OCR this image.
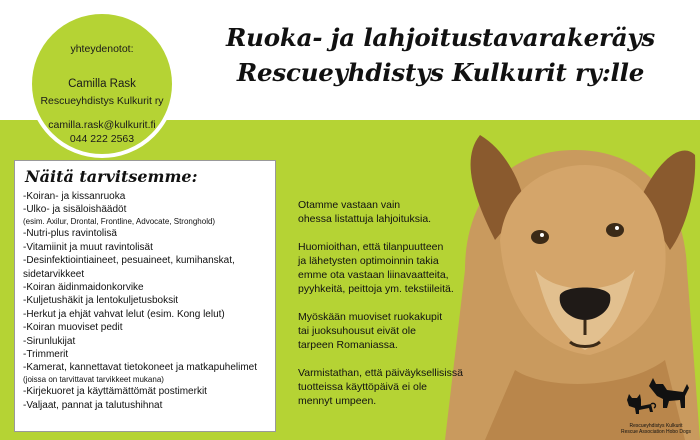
yhteydenotot:
Camilla Rask
Rescueyhdistys Kulkurit ry
camilla.rask@kulkurit.fi
044 222 2563
Ruoka- ja lahjoitustavarakeräys
Rescueyhdistys Kulkurit ry:lle
Näitä tarvitsemme:
-Koiran- ja kissanruoka
-Ulko- ja sisäloishäädöt
(esim. Axilur, Drontal, Frontline, Advocate, Stronghold)
-Nutri-plus ravintolisä
-Vitamiinit ja muut ravintolisät
-Desinfektiointiaineet, pesuaineet, kumihanskat,
sidetarvikkeet
-Koiran äidinmaidonkorvike
-Kuljetushäkit ja lentokuljetusboksit
-Herkut ja ehjät vahvat lelut (esim. Kong lelut)
-Koiran muoviset pedit
-Sirunlukijat
-Trimmerit
-Kamerat, kannettavat tietokoneet ja matkapuhelimet
(joissa on tarvittavat tarvikkeet mukana)
-Kirjekuoret ja käyttämättömät postimerkit
-Valjaat, pannat ja talutushihnat

Otamme vastaan vain
ohessa listattuja lahjoituksia.

Huomioithan, että tilanpuutteen
ja lähetysten optimoinnin takia
emme ota vastaan liinavaatteita,
pyyhkeitä, peittoja ym. tekstiileitä.

Myöskään muoviset ruokakupit
tai juoksuhousut eivät ole
tarpeen Romaniassa.

Varmistathan, että päiväyksellisissä
tuotteissa käyttöpäivä ei ole
mennyt umpeen.

Rescueyhdistys Kulkurit
Rescue Association Hobo Dogs
